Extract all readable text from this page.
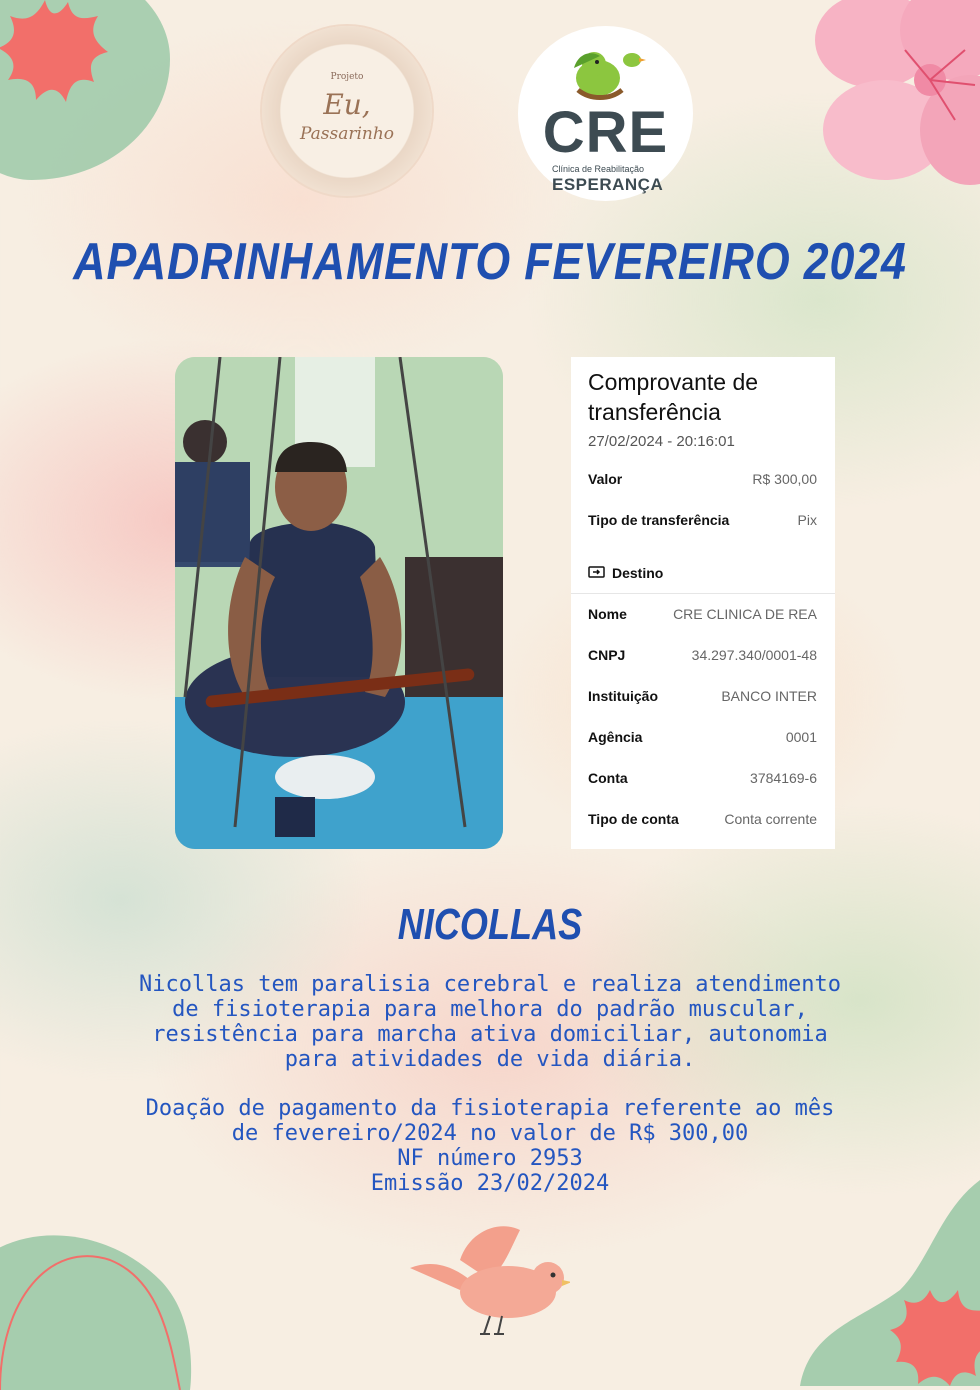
Projeto
Eu,
Passarinho	CRE
Clínica de Reabilitação
ESPERANÇA
APADRINHAMENTO FEVEREIRO 2024
Comprovante de transferência
27/02/2024 - 20:16:01
Valor	R$ 300,00
Tipo de transferência	Pix
Destino
Nome	CRE CLINICA DE REA
CNPJ	34.297.340/0001-48
Instituição	BANCO INTER
Agência	0001
Conta	3784169-6
Tipo de conta	Conta corrente
NICOLLAS

Nicollas tem paralisia cerebral e realiza atendimento

de fisioterapia para melhora do padrão muscular,

resistência para marcha ativa domiciliar, autonomia

para atividades de vida diária.

Doação de pagamento da fisioterapia referente ao mês

de fevereiro/2024 no valor de R$ 300,00

NF número 2953

Emissão 23/02/2024
